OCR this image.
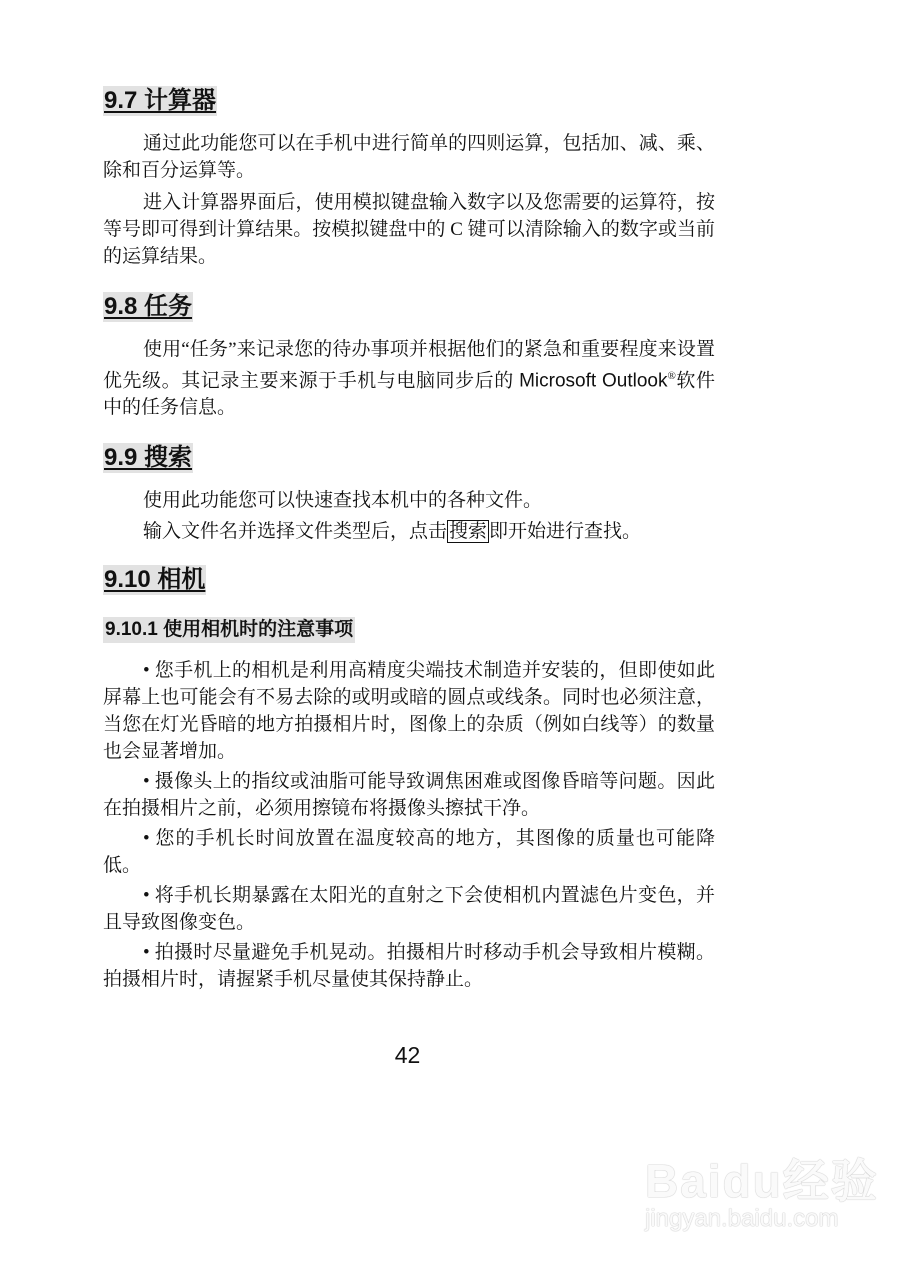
9.7 计算器

通过此功能您可以在手机中进行简单的四则运算，包括加、减、乘、除和百分运算等。

进入计算器界面后，使用模拟键盘输入数字以及您需要的运算符，按等号即可得到计算结果。按模拟键盘中的 C 键可以清除输入的数字或当前的运算结果。

9.8 任务

使用“任务”来记录您的待办事项并根据他们的紧急和重要程度来设置优先级。其记录主要来源于手机与电脑同步后的 Microsoft Outlook®软件中的任务信息。

9.9 搜索

使用此功能您可以快速查找本机中的各种文件。

输入文件名并选择文件类型后，点击 搜索 即开始进行查找。

9.10 相机
9.10.1 使用相机时的注意事项

• 您手机上的相机是利用高精度尖端技术制造并安装的，但即使如此屏幕上也可能会有不易去除的或明或暗的圆点或线条。同时也必须注意，当您在灯光昏暗的地方拍摄相片时，图像上的杂质（例如白线等）的数量也会显著增加。

• 摄像头上的指纹或油脂可能导致调焦困难或图像昏暗等问题。因此在拍摄相片之前，必须用擦镜布将摄像头擦拭干净。

• 您的手机长时间放置在温度较高的地方，其图像的质量也可能降低。

• 将手机长期暴露在太阳光的直射之下会使相机内置滤色片变色，并且导致图像变色。

• 拍摄时尽量避免手机晃动。拍摄相片时移动手机会导致相片模糊。拍摄相片时，请握紧手机尽量使其保持静止。

42
Baidu经验
jingyan.baidu.com
